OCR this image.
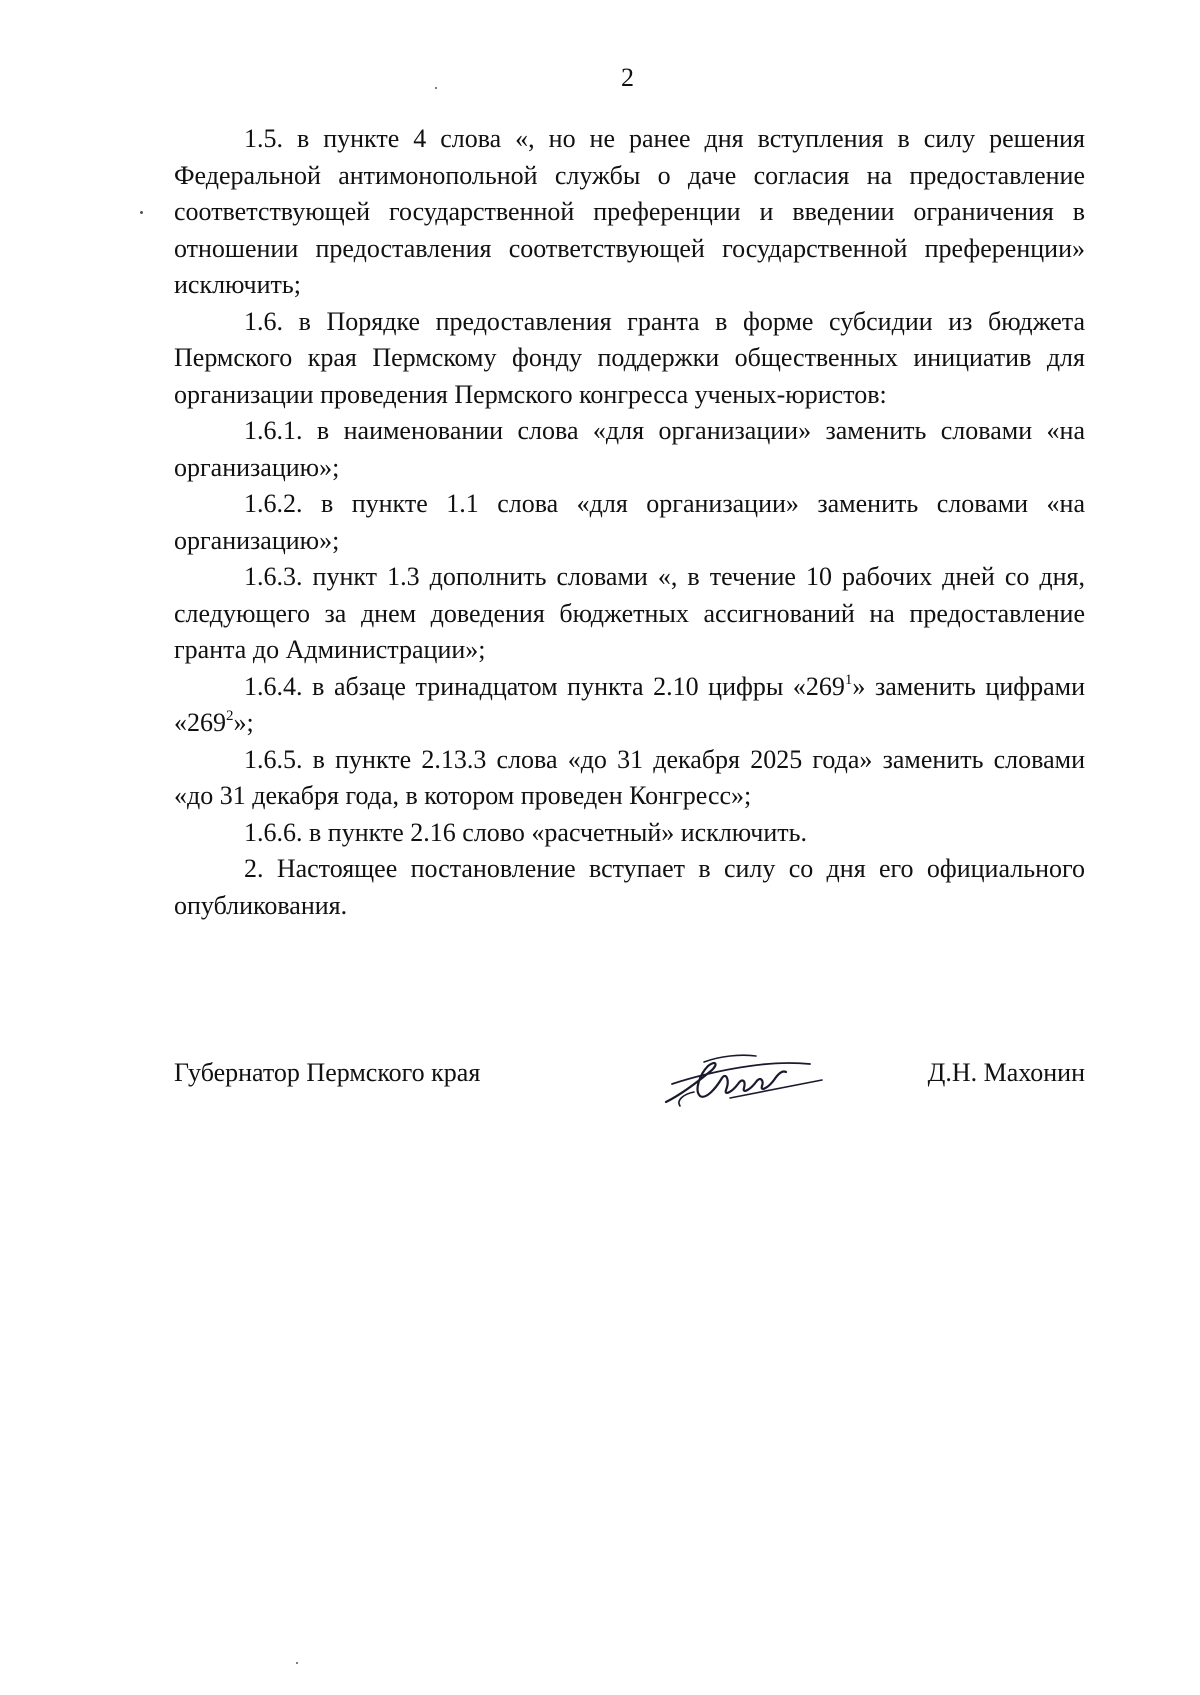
2

1.5. в пункте 4 слова «, но не ранее дня вступления в силу решения Федеральной антимонопольной службы о даче согласия на предоставление соответствующей государственной преференции и введении ограничения в отношении предоставления соответствующей государственной преференции» исключить;

1.6. в Порядке предоставления гранта в форме субсидии из бюджета Пермского края Пермскому фонду поддержки общественных инициатив для организации проведения Пермского конгресса ученых-юристов:

1.6.1. в наименовании слова «для организации» заменить словами «на организацию»;

1.6.2. в пункте 1.1 слова «для организации» заменить словами «на организацию»;

1.6.3. пункт 1.3 дополнить словами «, в течение 10 рабочих дней со дня, следующего за днем доведения бюджетных ассигнований на предоставление гранта до Администрации»;

1.6.4. в абзаце тринадцатом пункта 2.10 цифры «$269^1$» заменить цифрами «$269^2$»;

1.6.5. в пункте 2.13.3 слова «до 31 декабря 2025 года» заменить словами «до 31 декабря года, в котором проведен Конгресс»;

1.6.6. в пункте 2.16 слово «расчетный» исключить.

2. Настоящее постановление вступает в силу со дня его официального опубликования.

Губернатор Пермского края	Д.Н. Махонин
